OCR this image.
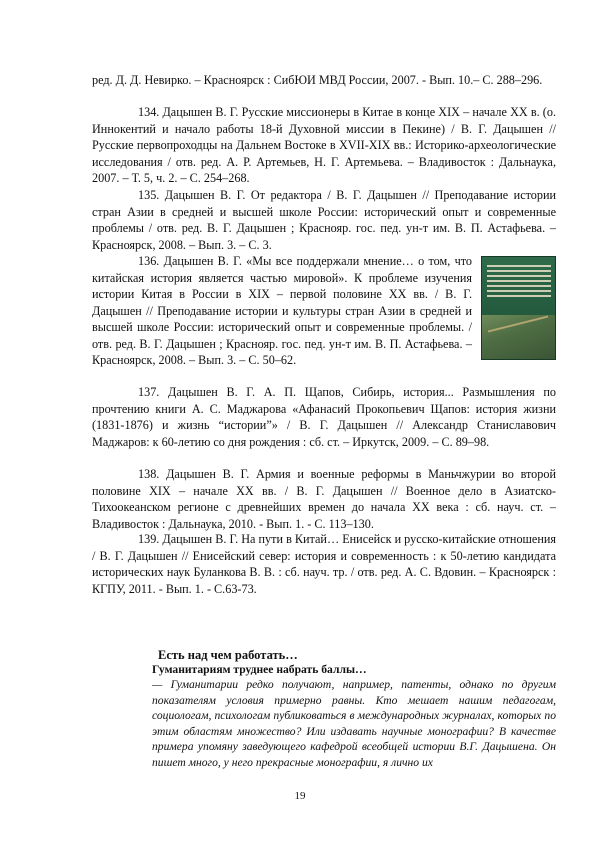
ред. Д. Д. Невирко. – Красноярск : СибЮИ МВД России, 2007. - Вып. 10.– С. 288–296.

134. Дацышен В. Г. Русские миссионеры в Китае в конце XIX – начале XX в. (о. Иннокентий и начало работы 18-й Духовной миссии в Пекине) / В. Г. Дацышен // Русские первопроходцы на Дальнем Востоке в XVII-XIX вв.: Историко-археологические исследования / отв. ред. А. Р. Артемьев, Н. Г. Артемьева. – Владивосток : Дальнаука, 2007. – Т. 5, ч. 2. – С. 254–268.

135. Дацышен В. Г. От редактора / В. Г. Дацышен // Преподавание истории стран Азии в средней и высшей школе России: исторический опыт и современные проблемы / отв. ред. В. Г. Дацышен ; Краснояр. гос. пед. ун-т им. В. П. Астафьева. – Красноярск, 2008. – Вып. 3. – С. 3.

136. Дацышен В. Г. «Мы все поддержали мнение… о том, что китайская история является частью мировой». К проблеме изучения истории Китая в России в XIX – первой половине XX вв. / В. Г. Дацышен // Преподавание истории и культуры стран Азии в средней и высшей школе России: исторический опыт и современные проблемы. / отв. ред. В. Г. Дацышен ; Краснояр. гос. пед. ун-т им. В. П. Астафьева. – Красноярск, 2008. – Вып. 3. – С. 50–62.

137. Дацышен В. Г. А. П. Щапов, Сибирь, история... Размышления по прочтению книги А. С. Маджарова «Афанасий Прокопьевич Щапов: история жизни (1831-1876) и жизнь “истории”» / В. Г. Дацышен // Александр Станиславович Маджаров: к 60-летию со дня рождения : сб. ст. – Иркутск, 2009. – С. 89–98.

138. Дацышен В. Г. Армия и военные реформы в Маньчжурии во второй половине XIX – начале XX вв. / В. Г. Дацышен // Военное дело в Азиатско-Тихоокеанском регионе с древнейших времен до начала XX века : сб. науч. ст. – Владивосток : Дальнаука, 2010. - Вып. 1. - С. 113–130.

139. Дацышен В. Г. На пути в Китай… Енисейск и русско-китайские отношения / В. Г. Дацышен // Енисейский север: история и современность : к 50-летию кандидата исторических наук Буланкова В. В. : сб. науч. тр. / отв. ред. А. С. Вдовин. – Красноярск : КГПУ, 2011. - Вып. 1. - С.63-73.

Есть над чем работать…

Гуманитариям труднее набрать баллы…

— Гуманитарии редко получают, например, патенты, однако по другим показателям условия примерно равны. Кто мешает нашим педагогам, социологам, психологам публиковаться в международных журналах, которых по этим областям множество? Или издавать научные монографии? В качестве примера упомяну заведующего кафедрой всеобщей истории В.Г. Дацышена. Он пишет много, у него прекрасные монографии, я лично их

19
